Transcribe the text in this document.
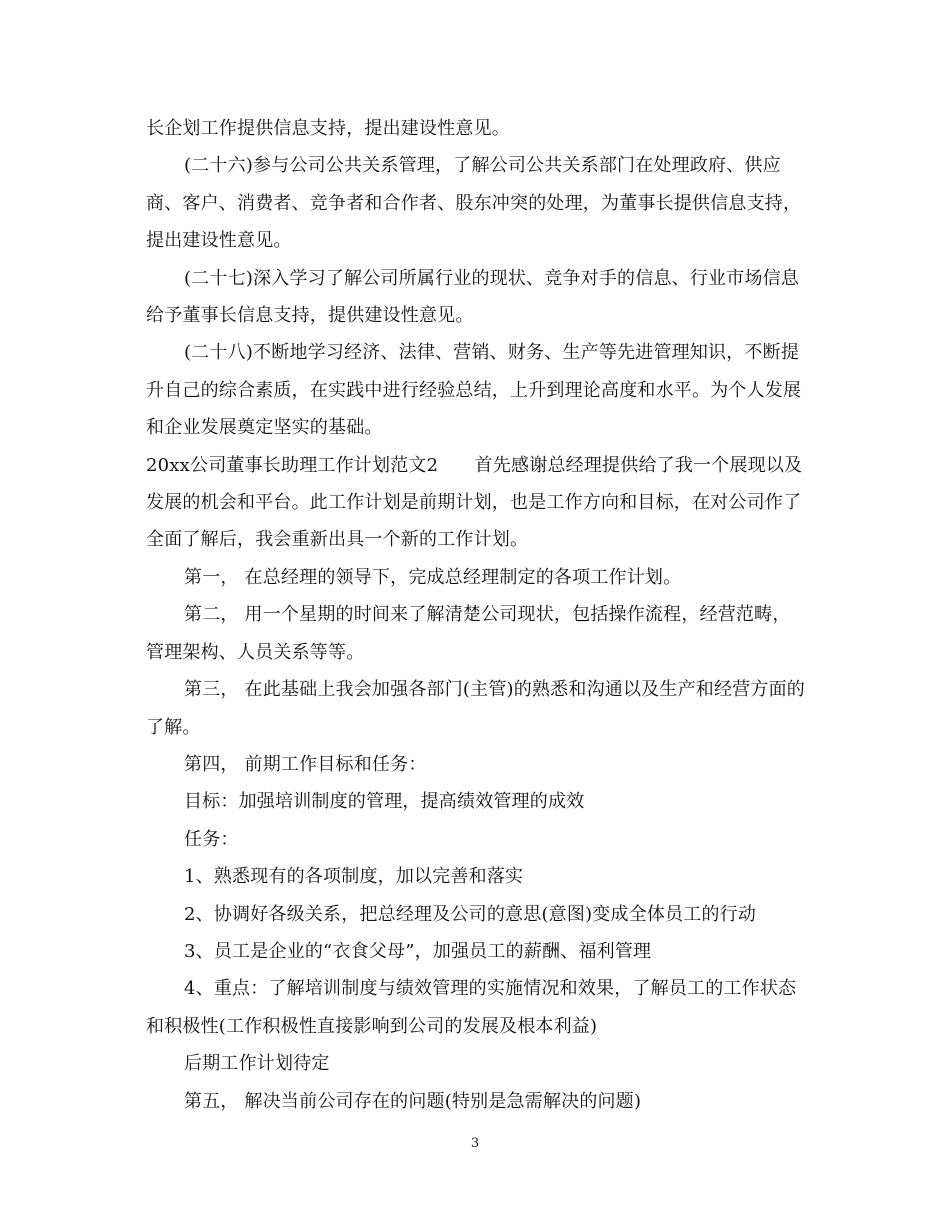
长企划工作提供信息支持，提出建设性意见。

(二十六)参与公司公共关系管理，了解公司公共关系部门在处理政府、供应商、客户、消费者、竞争者和合作者、股东冲突的处理，为董事长提供信息支持，提出建设性意见。

(二十七)深入学习了解公司所属行业的现状、竞争对手的信息、行业市场信息给予董事长信息支持，提供建设性意见。

(二十八)不断地学习经济、法律、营销、财务、生产等先进管理知识，不断提升自己的综合素质，在实践中进行经验总结，上升到理论高度和水平。为个人发展和企业发展奠定坚实的基础。

20xx公司董事长助理工作计划范文2　　首先感谢总经理提供给了我一个展现以及发展的机会和平台。此工作计划是前期计划，也是工作方向和目标，在对公司作了全面了解后，我会重新出具一个新的工作计划。

第一， 在总经理的领导下，完成总经理制定的各项工作计划。

第二， 用一个星期的时间来了解清楚公司现状，包括操作流程，经营范畴，管理架构、人员关系等等。

第三， 在此基础上我会加强各部门(主管)的熟悉和沟通以及生产和经营方面的了解。

第四， 前期工作目标和任务：

目标：加强培训制度的管理，提高绩效管理的成效

任务：

1、熟悉现有的各项制度，加以完善和落实

2、协调好各级关系，把总经理及公司的意思(意图)变成全体员工的行动

3、员工是企业的“衣食父母”，加强员工的薪酬、福利管理

4、重点：了解培训制度与绩效管理的实施情况和效果，了解员工的工作状态和积极性(工作积极性直接影响到公司的发展及根本利益)

后期工作计划待定

第五， 解决当前公司存在的问题(特别是急需解决的问题)

3
